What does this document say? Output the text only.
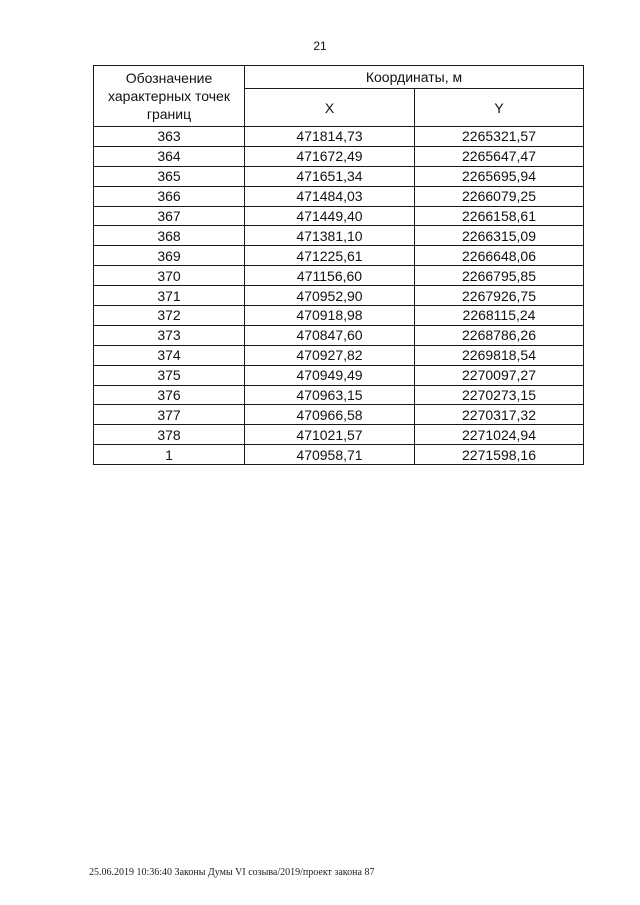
21
Обозначение характерных точек границ	Координаты, м	
	X	Y
363	471814,73	2265321,57
364	471672,49	2265647,47
365	471651,34	2265695,94
366	471484,03	2266079,25
367	471449,40	2266158,61
368	471381,10	2266315,09
369	471225,61	2266648,06
370	471156,60	2266795,85
371	470952,90	2267926,75
372	470918,98	2268115,24
373	470847,60	2268786,26
374	470927,82	2269818,54
375	470949,49	2270097,27
376	470963,15	2270273,15
377	470966,58	2270317,32
378	471021,57	2271024,94
1	470958,71	2271598,16
25.06.2019 10:36:40 Законы Думы VI созыва/2019/проект закона 87
